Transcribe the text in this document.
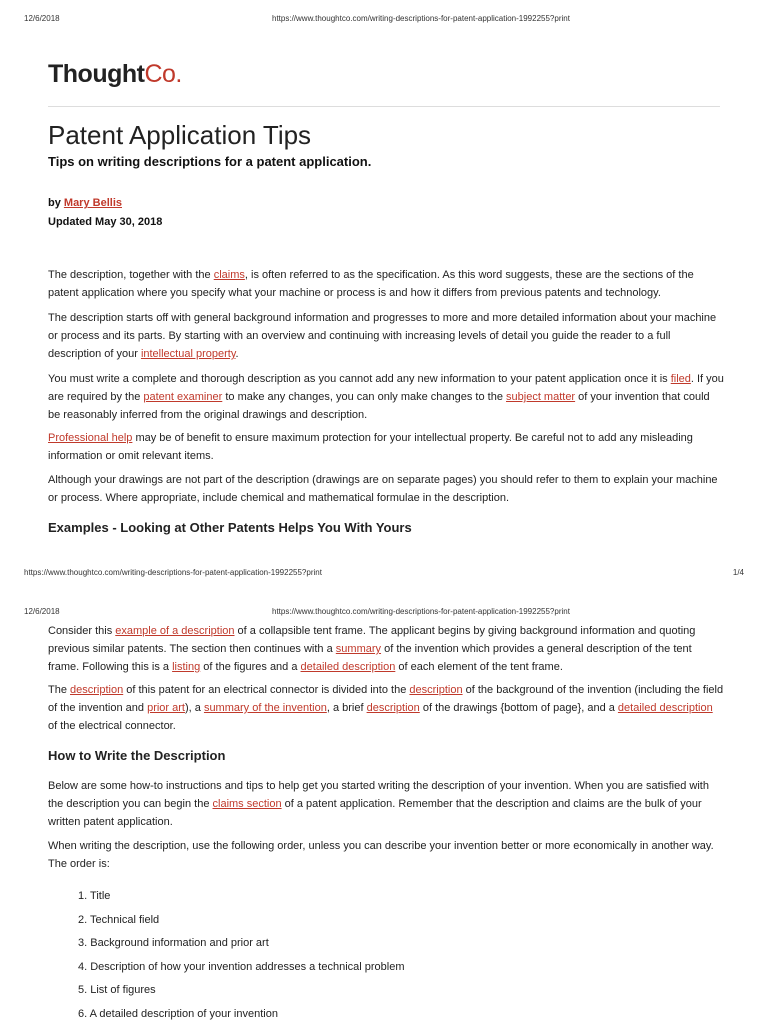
12/6/2018	https://www.thoughtco.com/writing-descriptions-for-patent-application-1992255?print
ThoughtCo.
Patent Application Tips
Tips on writing descriptions for a patent application.
by Mary Bellis
Updated May 30, 2018

The description, together with the claims, is often referred to as the specification. As this word suggests, these are the sections of the patent application where you specify what your machine or process is and how it differs from previous patents and technology.

The description starts off with general background information and progresses to more and more detailed information about your machine or process and its parts. By starting with an overview and continuing with increasing levels of detail you guide the reader to a full description of your intellectual property.

You must write a complete and thorough description as you cannot add any new information to your patent application once it is filed. If you are required by the patent examiner to make any changes, you can only make changes to the subject matter of your invention that could be reasonably inferred from the original drawings and description.

Professional help may be of benefit to ensure maximum protection for your intellectual property. Be careful not to add any misleading information or omit relevant items.

Although your drawings are not part of the description (drawings are on separate pages) you should refer to them to explain your machine or process. Where appropriate, include chemical and mathematical formulae in the description.

Examples - Looking at Other Patents Helps You With Yours
https://www.thoughtco.com/writing-descriptions-for-patent-application-1992255?print	1/4
12/6/2018	https://www.thoughtco.com/writing-descriptions-for-patent-application-1992255?print

Consider this example of a description of a collapsible tent frame. The applicant begins by giving background information and quoting previous similar patents. The section then continues with a summary of the invention which provides a general description of the tent frame. Following this is a listing of the figures and a detailed description of each element of the tent frame.

The description of this patent for an electrical connector is divided into the description of the background of the invention (including the field of the invention and prior art), a summary of the invention, a brief description of the drawings {bottom of page}, and a detailed description of the electrical connector.

How to Write the Description

Below are some how-to instructions and tips to help get you started writing the description of your invention. When you are satisfied with the description you can begin the claims section of a patent application. Remember that the description and claims are the bulk of your written patent application.

When writing the description, use the following order, unless you can describe your invention better or more economically in another way. The order is:

1. Title
2. Technical field
3. Background information and prior art
4. Description of how your invention addresses a technical problem
5. List of figures
6. A detailed description of your invention
